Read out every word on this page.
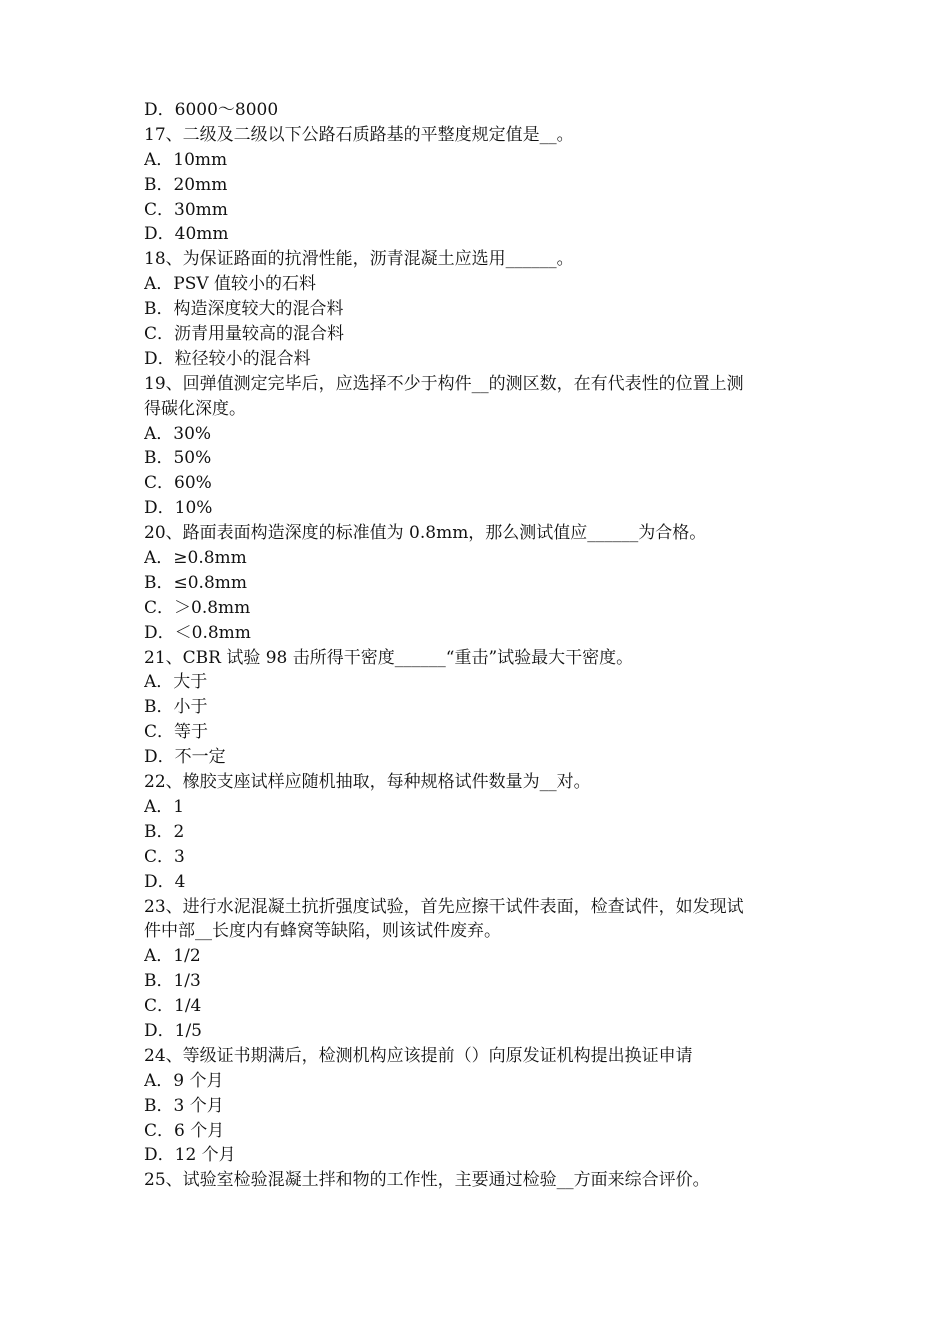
D．6000～8000
17、二级及二级以下公路石质路基的平整度规定值是__。
A．10mm
B．20mm
C．30mm
D．40mm
18、为保证路面的抗滑性能，沥青混凝土应选用______。
A．PSV 值较小的石料
B．构造深度较大的混合料
C．沥青用量较高的混合料
D．粒径较小的混合料
19、回弹值测定完毕后，应选择不少于构件__的测区数，在有代表性的位置上测
得碳化深度。
A．30%
B．50%
C．60%
D．10%
20、路面表面构造深度的标准值为 0.8mm，那么测试值应______为合格。
A．≥0.8mm
B．≤0.8mm
C．＞0.8mm
D．＜0.8mm
21、CBR 试验 98 击所得干密度______“重击”试验最大干密度。
A．大于
B．小于
C．等于
D．不一定
22、橡胶支座试样应随机抽取，每种规格试件数量为__对。
A．1
B．2
C．3
D．4
23、进行水泥混凝土抗折强度试验，首先应擦干试件表面，检查试件，如发现试
件中部__长度内有蜂窝等缺陷，则该试件废弃。
A．1/2
B．1/3
C．1/4
D．1/5
24、等级证书期满后，检测机构应该提前（）向原发证机构提出换证申请
A．9 个月
B．3 个月
C．6 个月
D．12 个月
25、试验室检验混凝土拌和物的工作性，主要通过检验__方面来综合评价。
